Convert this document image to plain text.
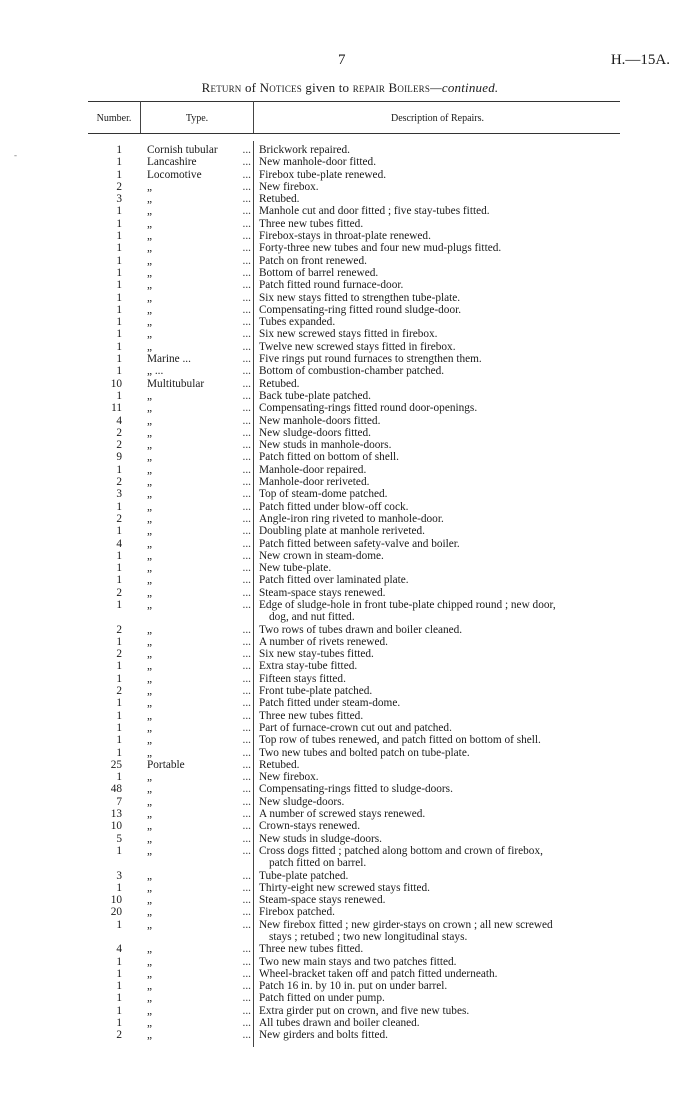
7	H.—15A.
Return of Notices given to repair Boilers—continued.
Number.	Type.	Description of Repairs.
-	1 Cornish tubular	... Brickwork repaired.
1 Lancashire	... New manhole-door fitted.
1 Locomotive	... Firebox tube-plate renewed.
2 „	... New firebox.
3 „	... Retubed.
1 „	... Manhole cut and door fitted ; five stay-tubes fitted.
1 „	... Three new tubes fitted.
1 „	... Firebox-stays in throat-plate renewed.
1 „	... Forty-three new tubes and four new mud-plugs fitted.
1 „	... Patch on front renewed.
1 „	... Bottom of barrel renewed.
1 „	... Patch fitted round furnace-door.
1 „	... Six new stays fitted to strengthen tube-plate.
1 „	... Compensating-ring fitted round sludge-door.
1 „	... Tubes expanded.
1 „	... Six new screwed stays fitted in firebox.
1 „	... Twelve new screwed stays fitted in firebox.
1 Marine ...	... Five rings put round furnaces to strengthen them.
1 „ ...	... Bottom of combustion-chamber patched.
10 Multitubular	... Retubed.
1 „	... Back tube-plate patched.
11 „	... Compensating-rings fitted round door-openings.
4 „	... New manhole-doors fitted.
2 „	... New sludge-doors fitted.
2 „	... New studs in manhole-doors.
9 „	... Patch fitted on bottom of shell.
1 „	... Manhole-door repaired.
2 „	... Manhole-door reriveted.
3 „	... Top of steam-dome patched.
1 „	... Patch fitted under blow-off cock.
2 „	... Angle-iron ring riveted to manhole-door.
1 „	... Doubling plate at manhole reriveted.
4 „	... Patch fitted between safety-valve and boiler.
1 „	... New crown in steam-dome.
1 „	... New tube-plate.
1 „	... Patch fitted over laminated plate.
2 „	... Steam-space stays renewed.
1 „	... Edge of sludge-hole in front tube-plate chipped round ; new door,
dog, and nut fitted.
2 „	... Two rows of tubes drawn and boiler cleaned.
1 „	... A number of rivets renewed.
2 „	... Six new stay-tubes fitted.
1 „	... Extra stay-tube fitted.
1 „	... Fifteen stays fitted.
2 „	... Front tube-plate patched.
1 „	... Patch fitted under steam-dome.
1 „	... Three new tubes fitted.
1 „	... Part of furnace-crown cut out and patched.
1 „	... Top row of tubes renewed, and patch fitted on bottom of shell.
1 „	... Two new tubes and bolted patch on tube-plate.
25 Portable	... Retubed.
1 „	... New firebox.
48 „	... Compensating-rings fitted to sludge-doors.
7 „	... New sludge-doors.
13 „	... A number of screwed stays renewed.
10 „	... Crown-stays renewed.
5 „	... New studs in sludge-doors.
1 „	... Cross dogs fitted ; patched along bottom and crown of firebox,
patch fitted on barrel.
3 „	... Tube-plate patched.
1 „	... Thirty-eight new screwed stays fitted.
10 „	... Steam-space stays renewed.
20 „	... Firebox patched.
1 „	... New firebox fitted ; new girder-stays on crown ; all new screwed
stays ; retubed ; two new longitudinal stays.
4 „	... Three new tubes fitted.
1 „	... Two new main stays and two patches fitted.
1 „	... Wheel-bracket taken off and patch fitted underneath.
1 „	... Patch 16 in. by 10 in. put on under barrel.
1 „	... Patch fitted on under pump.
1 „	... Extra girder put on crown, and five new tubes.
1 „	... All tubes drawn and boiler cleaned.
2 „	... New girders and bolts fitted.
